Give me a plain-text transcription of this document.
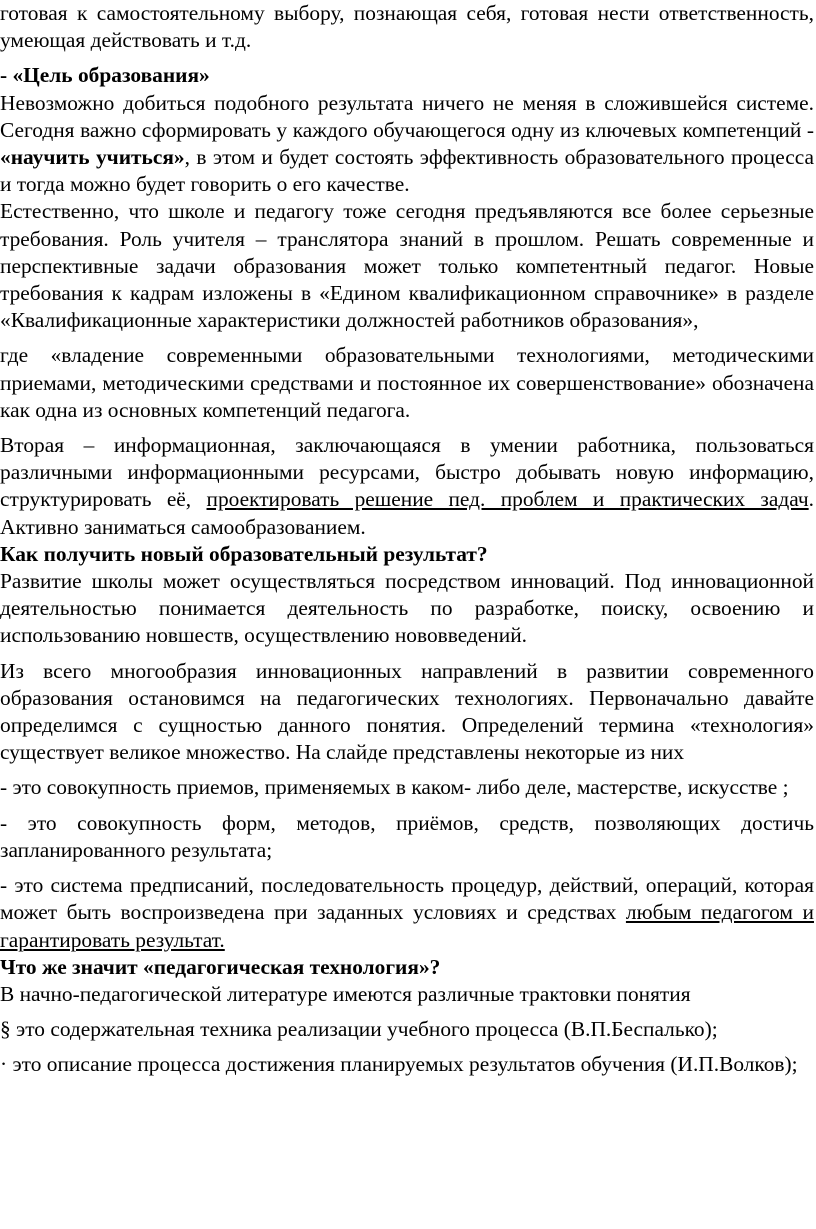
готовая к самостоятельному выбору, познающая себя, готовая нести ответственность, умеющая действовать и т.д.

- «Цель образования»

Невозможно добиться подобного результата ничего не меняя в сложившейся системе. Сегодня важно сформировать у каждого обучающегося одну из ключевых компетенций - «научить учиться», в этом и будет состоять эффективность образовательного процесса и тогда можно будет говорить о его качестве.

Естественно, что школе и педагогу тоже сегодня предъявляются все более серьезные требования. Роль учителя – транслятора знаний в прошлом. Решать современные и перспективные задачи образования может только компетентный педагог. Новые требования к кадрам изложены в «Едином квалификационном справочнике» в разделе «Квалификационные характеристики должностей работников образования»,

где «владение современными образовательными технологиями, методическими приемами, методическими средствами и постоянное их совершенствование» обозначена как одна из основных компетенций педагога.

Вторая – информационная, заключающаяся в умении работника, пользоваться различными информационными ресурсами, быстро добывать новую информацию, структурировать её, проектировать решение пед. проблем и практических задач. Активно заниматься самообразованием.

Как получить новый образовательный результат?

Развитие школы может осуществляться посредством инноваций. Под инновационной деятельностью понимается деятельность по разработке, поиску, освоению и использованию новшеств, осуществлению нововведений.

Из всего многообразия инновационных направлений в развитии современного образования остановимся на педагогических технологиях. Первоначально давайте определимся с сущностью данного понятия. Определений термина «технология» существует великое множество. На слайде представлены некоторые из них

- это совокупность приемов, применяемых в каком- либо деле, мастерстве, искусстве ;

- это совокупность форм, методов, приёмов, средств, позволяющих достичь запланированного результата;

- это система предписаний, последовательность процедур, действий, операций, которая может быть воспроизведена при заданных условиях и средствах любым педагогом и гарантировать результат.

Что же значит «педагогическая технология»?

В начно-педагогической литературе имеются различные трактовки понятия

§ это содержательная техника реализации учебного процесса (В.П.Беспалько);

· это описание процесса достижения планируемых результатов обучения (И.П.Волков);
